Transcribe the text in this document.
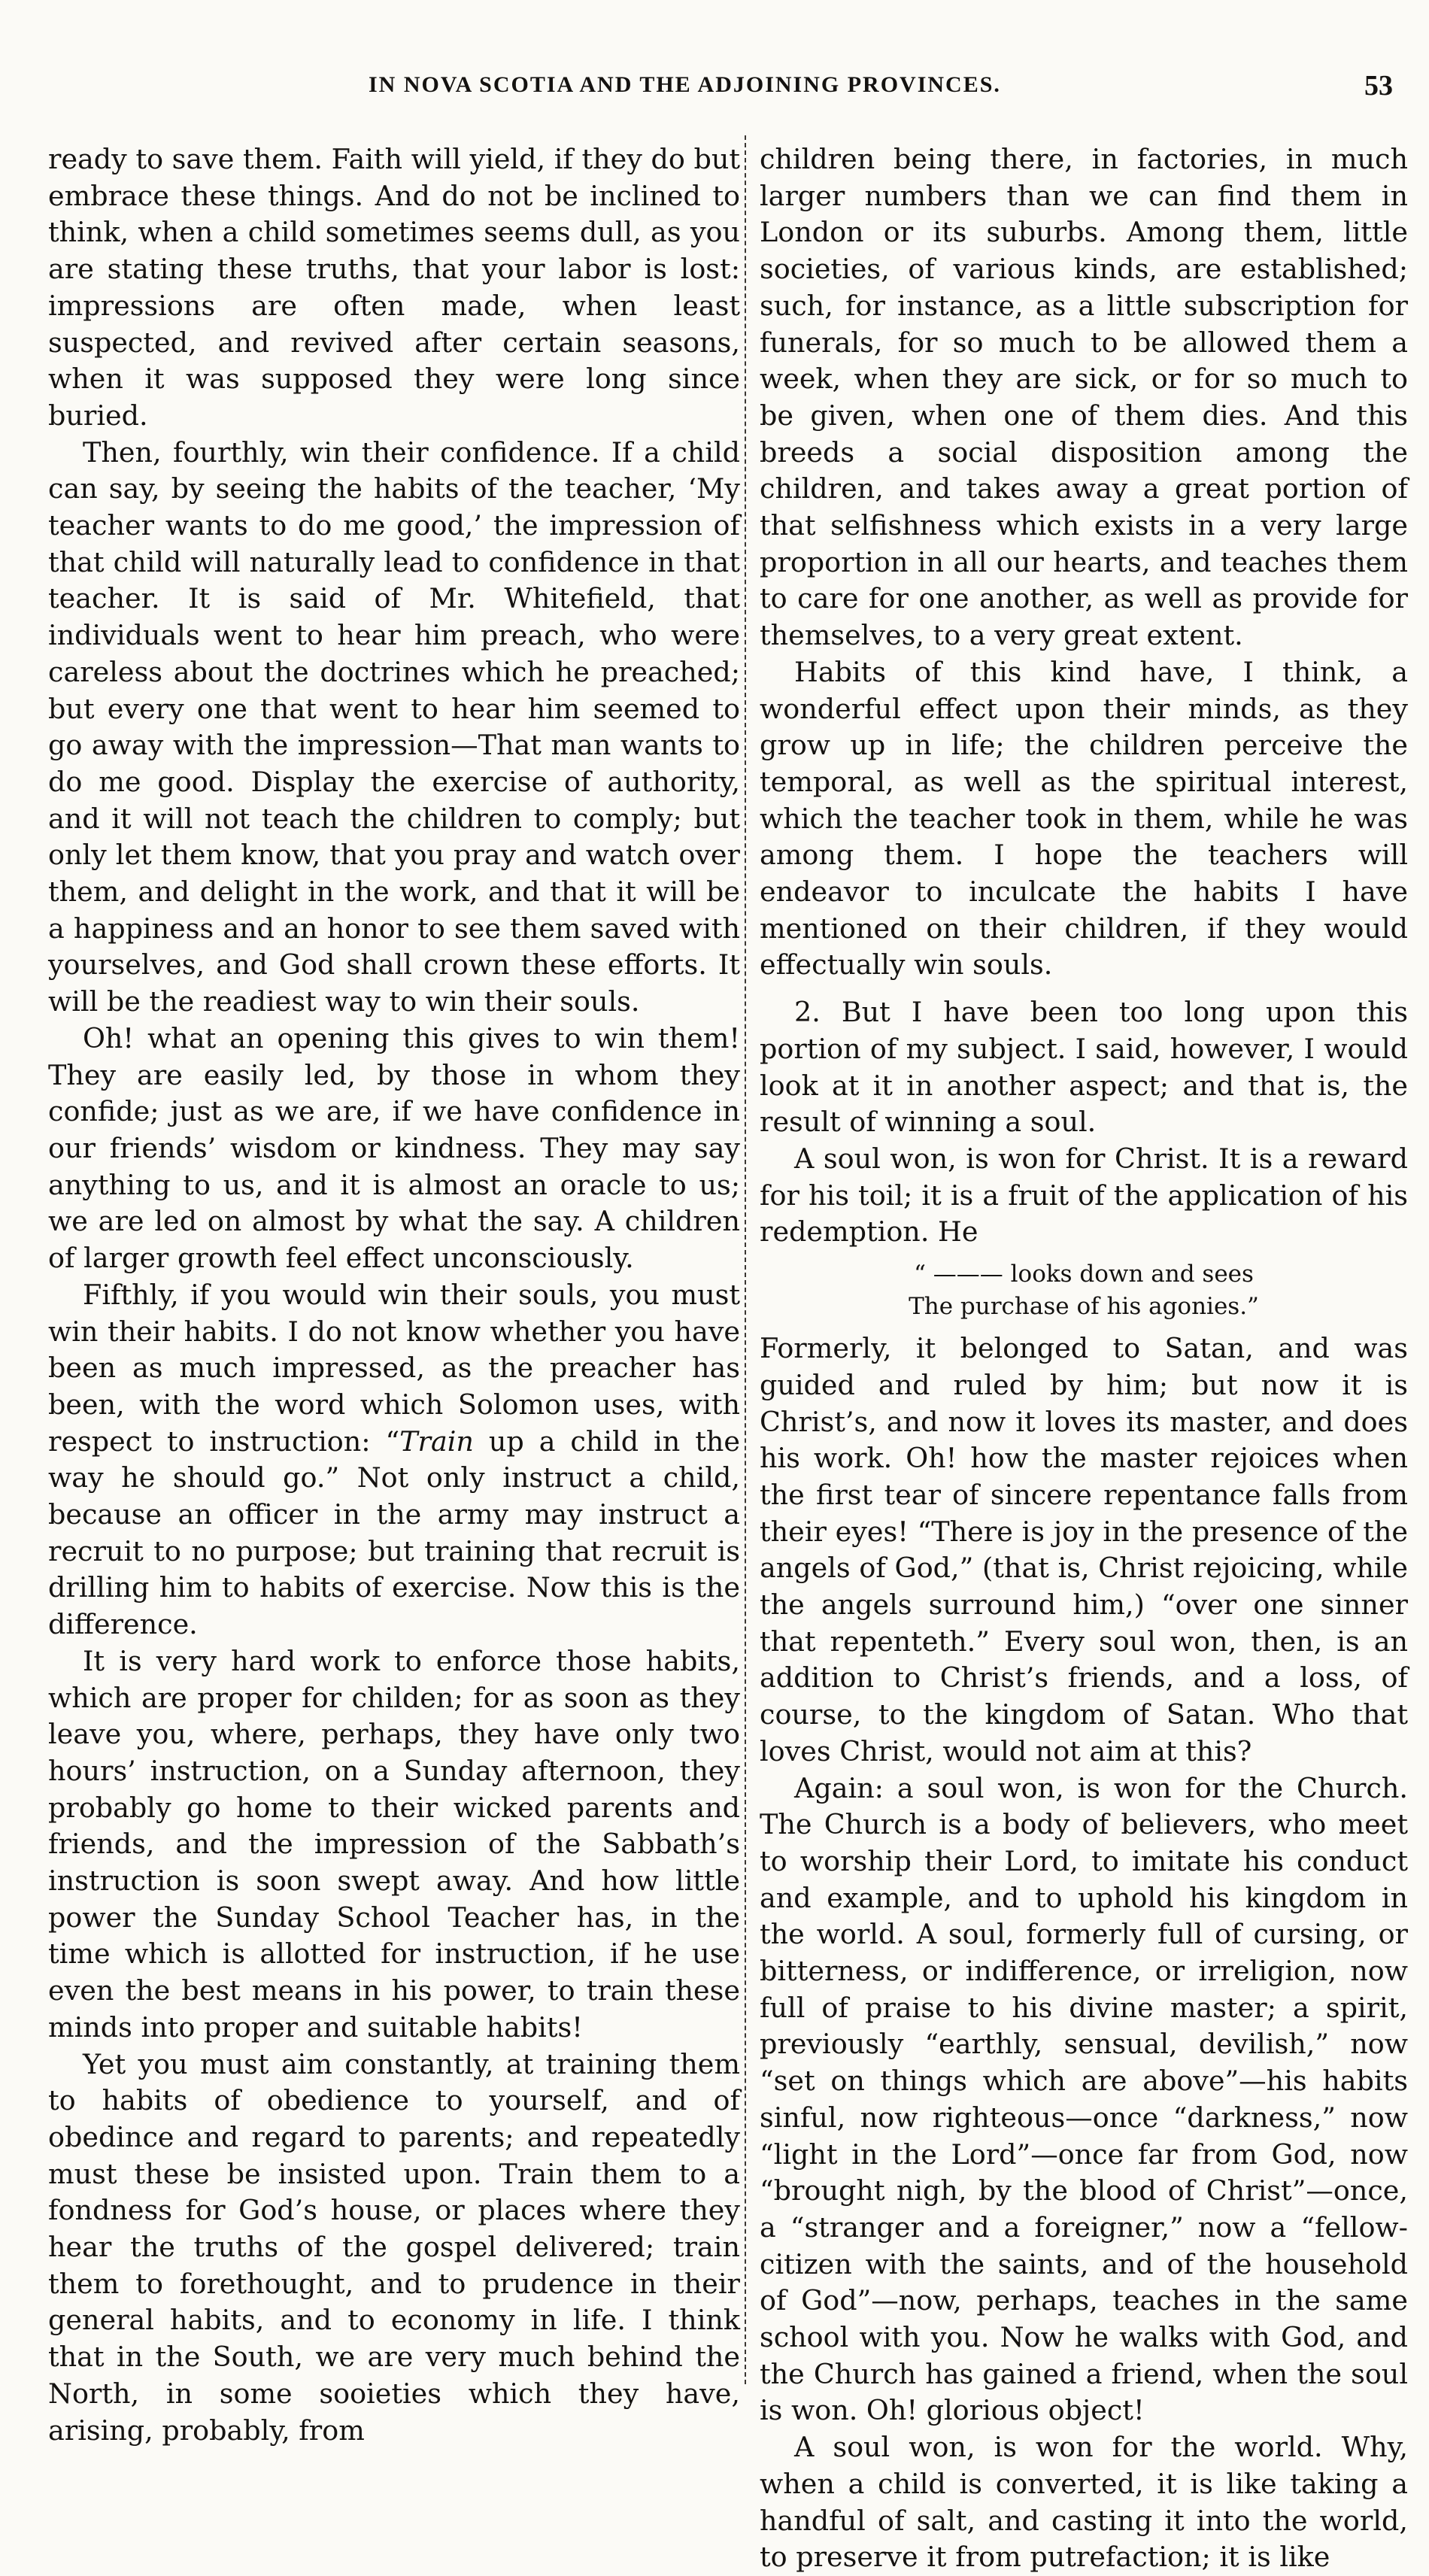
IN NOVA SCOTIA AND THE ADJOINING PROVINCES.	53

ready to save them. Faith will yield, if they do but embrace these things. And do not be inclined to think, when a child sometimes seems dull, as you are stating these truths, that your labor is lost: impressions are often made, when least suspected, and revived after certain seasons, when it was supposed they were long since buried.

Then, fourthly, win their confidence. If a child can say, by seeing the habits of the teacher, ‘My teacher wants to do me good,’ the impression of that child will naturally lead to confidence in that teacher. It is said of Mr. Whitefield, that individuals went to hear him preach, who were careless about the doctrines which he preached; but every one that went to hear him seemed to go away with the impression—That man wants to do me good. Display the exercise of authority, and it will not teach the children to comply; but only let them know, that you pray and watch over them, and delight in the work, and that it will be a happiness and an honor to see them saved with yourselves, and God shall crown these efforts. It will be the readiest way to win their souls.

Oh! what an opening this gives to win them! They are easily led, by those in whom they confide; just as we are, if we have confidence in our friends’ wisdom or kindness. They may say anything to us, and it is almost an oracle to us; we are led on almost by what the say. A children of larger growth feel effect unconsciously.

Fifthly, if you would win their souls, you must win their habits. I do not know whether you have been as much impressed, as the preacher has been, with the word which Solomon uses, with respect to instruction: “Train up a child in the way he should go.” Not only instruct a child, because an officer in the army may instruct a recruit to no purpose; but training that recruit is drilling him to habits of exercise. Now this is the difference.

It is very hard work to enforce those habits, which are proper for childen; for as soon as they leave you, where, perhaps, they have only two hours’ instruction, on a Sunday afternoon, they probably go home to their wicked parents and friends, and the impression of the Sabbath’s instruction is soon swept away. And how little power the Sunday School Teacher has, in the time which is allotted for instruction, if he use even the best means in his power, to train these minds into proper and suitable habits!

Yet you must aim constantly, at training them to habits of obedience to yourself, and of obedince and regard to parents; and repeatedly must these be insisted upon. Train them to a fondness for God’s house, or places where they hear the truths of the gospel delivered; train them to forethought, and to prudence in their general habits, and to economy in life. I think that in the South, we are very much behind the North, in some sooieties which they have, arising, probably, from

children being there, in factories, in much larger numbers than we can find them in London or its suburbs. Among them, little societies, of various kinds, are established; such, for instance, as a little subscription for funerals, for so much to be allowed them a week, when they are sick, or for so much to be given, when one of them dies. And this breeds a social disposition among the children, and takes away a great portion of that selfishness which exists in a very large proportion in all our hearts, and teaches them to care for one another, as well as provide for themselves, to a very great extent.

Habits of this kind have, I think, a wonderful effect upon their minds, as they grow up in life; the children perceive the temporal, as well as the spiritual interest, which the teacher took in them, while he was among them. I hope the teachers will endeavor to inculcate the habits I have mentioned on their children, if they would effectually win souls.

2. But I have been too long upon this portion of my subject. I said, however, I would look at it in another aspect; and that is, the result of winning a soul.

A soul won, is won for Christ. It is a reward for his toil; it is a fruit of the application of his redemption. He

“ ——— looks down and sees
The purchase of his agonies.”

Formerly, it belonged to Satan, and was guided and ruled by him; but now it is Christ’s, and now it loves its master, and does his work. Oh! how the master rejoices when the first tear of sincere repentance falls from their eyes! “There is joy in the presence of the angels of God,” (that is, Christ rejoicing, while the angels surround him,) “over one sinner that repenteth.” Every soul won, then, is an addition to Christ’s friends, and a loss, of course, to the kingdom of Satan. Who that loves Christ, would not aim at this?

Again: a soul won, is won for the Church. The Church is a body of believers, who meet to worship their Lord, to imitate his conduct and example, and to uphold his kingdom in the world. A soul, formerly full of cursing, or bitterness, or indifference, or irreligion, now full of praise to his divine master; a spirit, previously “earthly, sensual, devilish,” now “set on things which are above”—his habits sinful, now righteous—once “darkness,” now “light in the Lord”—once far from God, now “brought nigh, by the blood of Christ”—once, a “stranger and a foreigner,” now a “fellow-citizen with the saints, and of the household of God”—now, perhaps, teaches in the same school with you. Now he walks with God, and the Church has gained a friend, when the soul is won. Oh! glorious object!

A soul won, is won for the world. Why, when a child is converted, it is like taking a handful of salt, and casting it into the world, to preserve it from putrefaction; it is like
